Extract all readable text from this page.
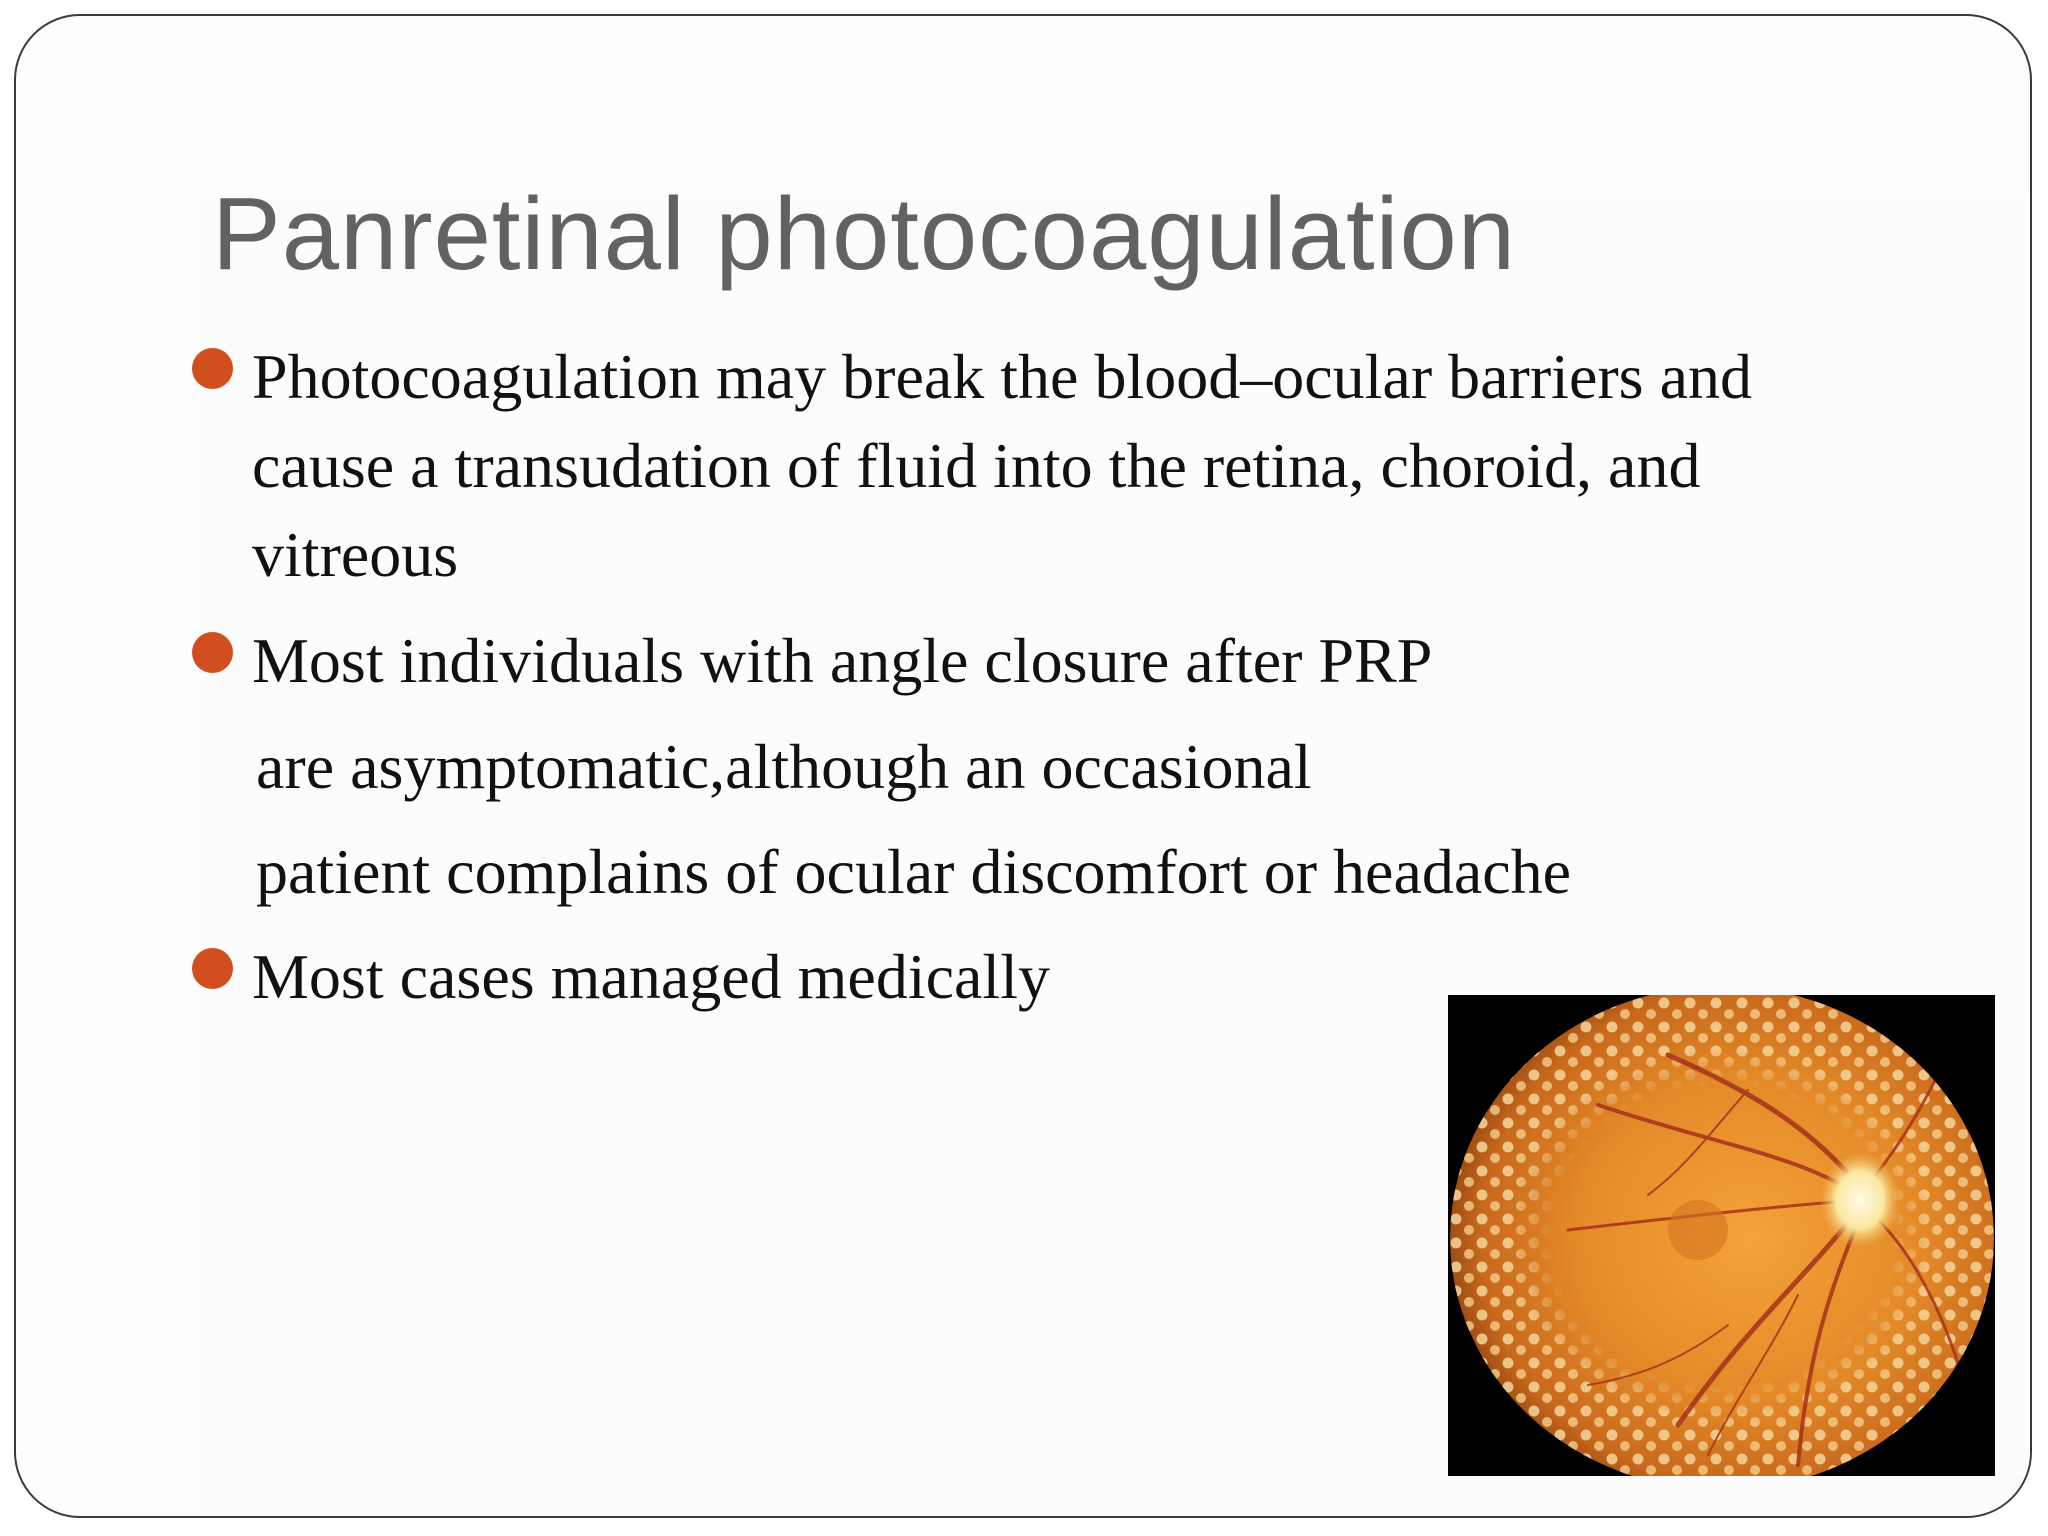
Panretinal photocoagulation
Photocoagulation may break the blood–ocular barriers and
cause a transudation of fluid into the retina, choroid, and
vitreous
Most individuals with angle closure after PRP
are asymptomatic,although an occasional
patient complains of ocular discomfort or headache
Most cases managed medically
